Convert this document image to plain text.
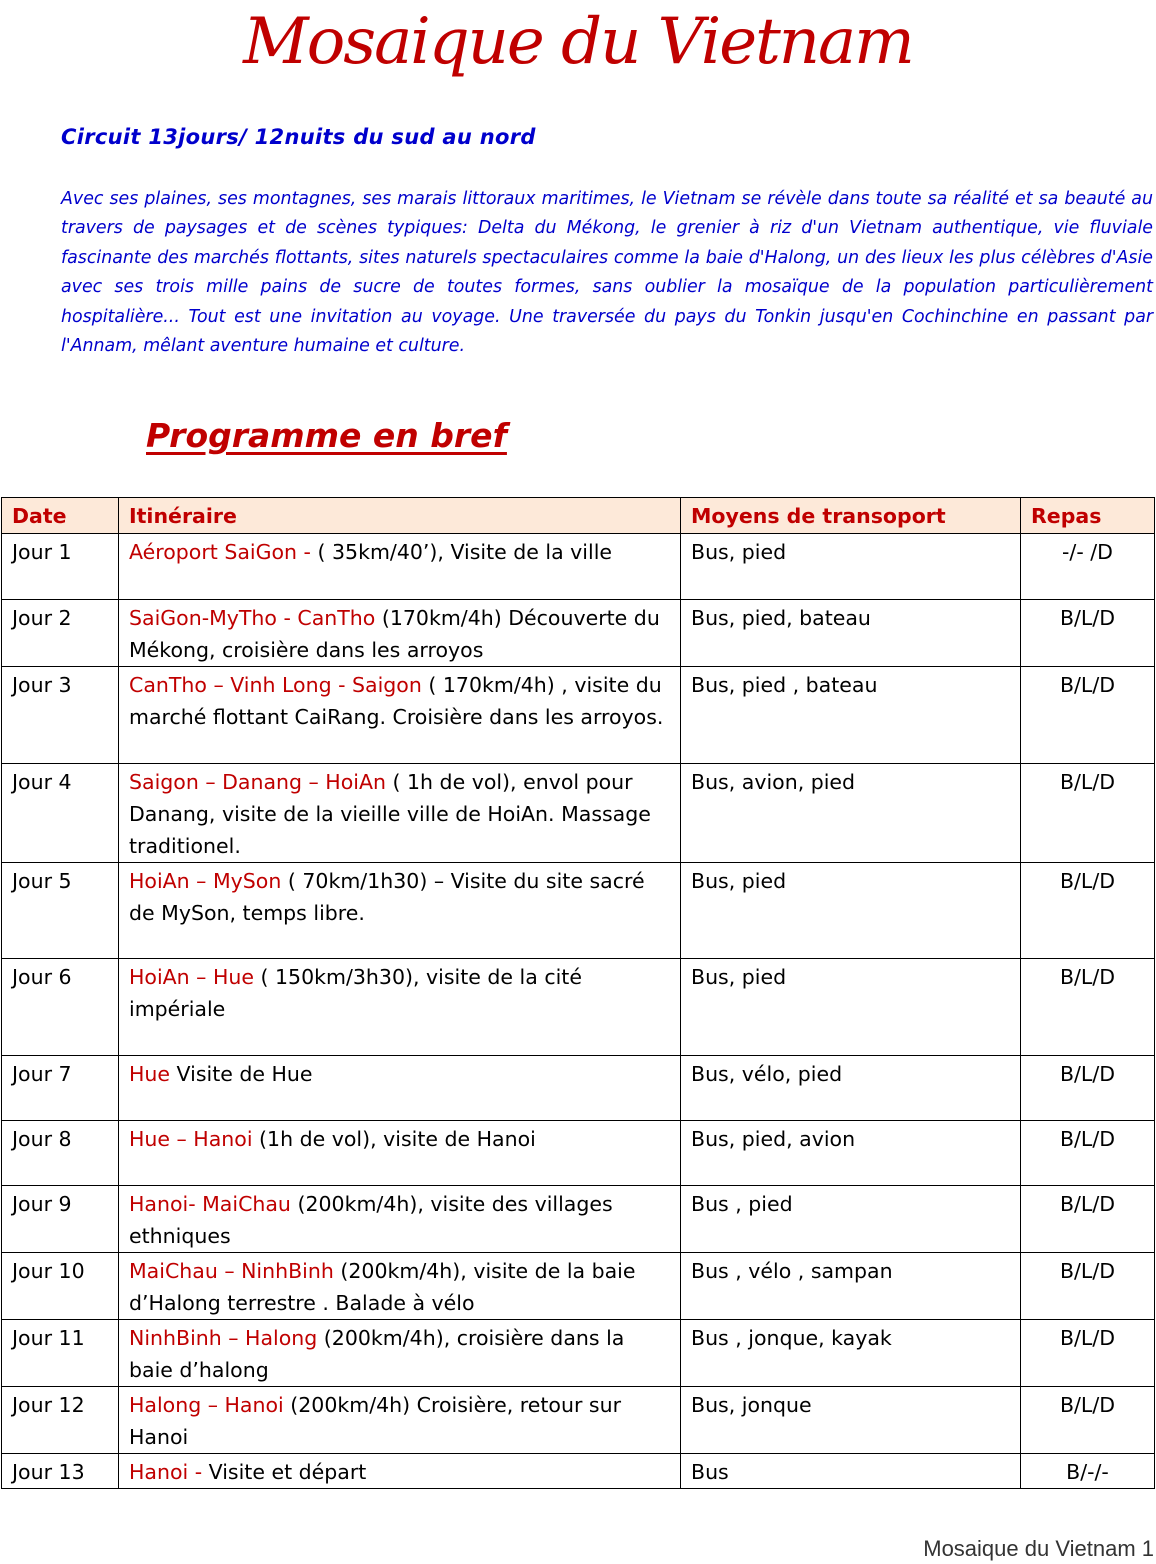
Mosaique du Vietnam

Circuit 13jours/ 12nuits du sud au nord

Avec ses plaines, ses montagnes, ses marais littoraux maritimes, le Vietnam se révèle dans toute sa réalité et sa beauté au travers de paysages et de scènes typiques: Delta du Mékong, le grenier à riz d'un Vietnam authentique, vie fluviale fascinante des marchés flottants, sites naturels spectaculaires comme la baie d'Halong, un des lieux les plus célèbres d'Asie avec ses trois mille pains de sucre de toutes formes, sans oublier la mosaïque de la population particulièrement hospitalière... Tout est une invitation au voyage. Une traversée du pays du Tonkin jusqu'en Cochinchine en passant par l'Annam, mêlant aventure humaine et culture.

Programme en bref
Date	Itinéraire	Moyens de transoport	Repas
Jour 1	Aéroport SaiGon - ( 35km/40’), Visite de la ville	Bus, pied	-/- /D
Jour 2	SaiGon-MyTho - CanTho (170km/4h) Découverte du Mékong, croisière dans les arroyos	Bus, pied, bateau	B/L/D
Jour 3	CanTho – Vinh Long - Saigon ( 170km/4h) , visite du marché flottant CaiRang. Croisière dans les arroyos.	Bus, pied , bateau	B/L/D
Jour 4	Saigon – Danang – HoiAn ( 1h de vol), envol pour Danang, visite de la vieille ville de HoiAn. Massage traditionel.	Bus, avion, pied	B/L/D
Jour 5	HoiAn – MySon ( 70km/1h30) – Visite du site sacré de MySon, temps libre.	Bus, pied	B/L/D
Jour 6	HoiAn – Hue ( 150km/3h30), visite de la cité impériale	Bus, pied	B/L/D
Jour 7	Hue Visite de Hue	Bus, vélo, pied	B/L/D
Jour 8	Hue – Hanoi (1h de vol), visite de Hanoi	Bus, pied, avion	B/L/D
Jour 9	Hanoi- MaiChau (200km/4h), visite des villages ethniques	Bus , pied	B/L/D
Jour 10	MaiChau – NinhBinh (200km/4h), visite de la baie d’Halong terrestre . Balade à vélo	Bus , vélo , sampan	B/L/D
Jour 11	NinhBinh – Halong (200km/4h), croisière dans la baie d’halong	Bus , jonque, kayak	B/L/D
Jour 12	Halong – Hanoi (200km/4h) Croisière, retour sur Hanoi	Bus, jonque	B/L/D
Jour 13	Hanoi - Visite et départ	Bus	B/-/-

Mosaique du Vietnam 1
